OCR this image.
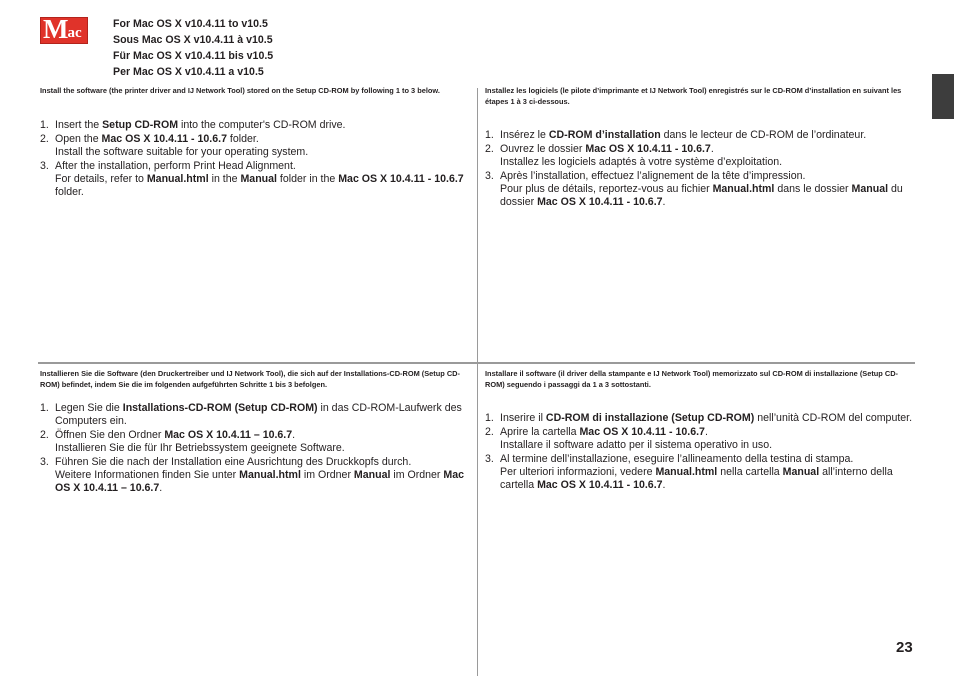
M ac
For Mac OS X v10.4.11 to v10.5
Sous Mac OS X v10.4.11 à v10.5
Für Mac OS X v10.4.11 bis v10.5
Per Mac OS X v10.4.11 a v10.5
Install the software (the printer driver and IJ Network Tool) stored on the Setup CD-ROM by following 1 to 3 below.
1. Insert the Setup CD-ROM into the computer's CD-ROM drive.
2. Open the Mac OS X 10.4.11 - 10.6.7 folder.
Install the software suitable for your operating system.
3. After the installation, perform Print Head Alignment.
For details, refer to Manual.html in the Manual folder in the Mac OS X 10.4.11 - 10.6.7 folder.
Installez les logiciels (le pilote d’imprimante et IJ Network Tool) enregistrés sur le CD-ROM d’installation en suivant les étapes 1 à 3 ci-dessous.
1. Insérez le CD-ROM d’installation dans le lecteur de CD-ROM de l’ordinateur.
2. Ouvrez le dossier Mac OS X 10.4.11 - 10.6.7.
Installez les logiciels adaptés à votre système d’exploitation.
3. Après l’installation, effectuez l’alignement de la tête d’impression.
Pour plus de détails, reportez-vous au fichier Manual.html dans le dossier Manual du dossier Mac OS X 10.4.11 - 10.6.7.
Installieren Sie die Software (den Druckertreiber und IJ Network Tool), die sich auf der Installations-CD-ROM (Setup CD-ROM) befindet, indem Sie die im folgenden aufgeführten Schritte 1 bis 3 befolgen.
1. Legen Sie die Installations-CD-ROM (Setup CD-ROM) in das CD-ROM-Laufwerk des Computers ein.
2. Öffnen Sie den Ordner Mac OS X 10.4.11 – 10.6.7.
Installieren Sie die für Ihr Betriebssystem geeignete Software.
3. Führen Sie die nach der Installation eine Ausrichtung des Druckkopfs durch.
Weitere Informationen finden Sie unter Manual.html im Ordner Manual im Ordner Mac OS X 10.4.11 – 10.6.7.
Installare il software (il driver della stampante e IJ Network Tool) memorizzato sul CD-ROM di installazione (Setup CD-ROM) seguendo i passaggi da 1 a 3 sottostanti.
1. Inserire il CD-ROM di installazione (Setup CD-ROM) nell’unità CD-ROM del computer.
2. Aprire la cartella Mac OS X 10.4.11 - 10.6.7.
Installare il software adatto per il sistema operativo in uso.
3. Al termine dell’installazione, eseguire l’allineamento della testina di stampa.
Per ulteriori informazioni, vedere Manual.html nella cartella Manual all’interno della cartella Mac OS X 10.4.11 - 10.6.7.
23
